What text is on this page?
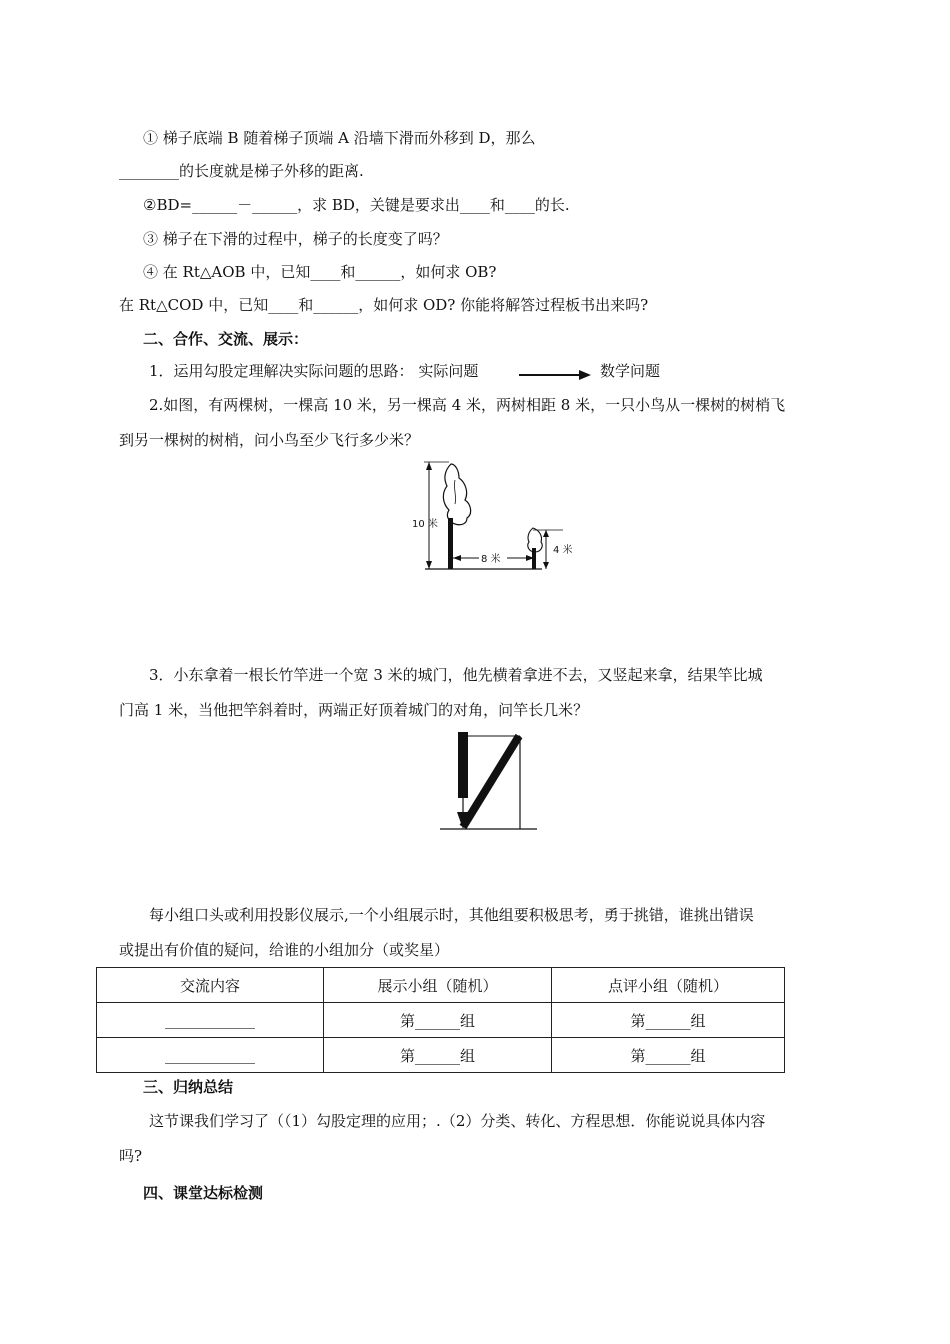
① 梯子底端 B 随着梯子顶端 A 沿墙下滑而外移到 D，那么
________的长度就是梯子外移的距离.
②BD=______－______，求 BD，关键是要求出____和____的长.
③ 梯子在下滑的过程中，梯子的长度变了吗？
④ 在 Rt△AOB 中，已知____和______，如何求 OB?
在 Rt△COD 中，已知____和______，如何求 OD? 你能将解答过程板书出来吗?
二、合作、交流、展示：
1．运用勾股定理解决实际问题的思路： 实际问题	数学问题
2.如图，有两棵树，一棵高 10 米，另一棵高 4 米，两树相距 8 米，一只小鸟从一棵树的树梢飞
到另一棵树的树梢，问小鸟至少飞行多少米？
10 米
8 米
4 米
3．小东拿着一根长竹竿进一个宽 3 米的城门，他先横着拿进不去，又竖起来拿，结果竿比城
门高 1 米，当他把竿斜着时，两端正好顶着城门的对角，问竿长几米？
每小组口头或利用投影仪展示,一个小组展示时，其他组要积极思考，勇于挑错，谁挑出错误
或提出有价值的疑问，给谁的小组加分（或奖星）
交流内容	展示小组（随机）	点评小组（随机）
____________	第______组	第______组
____________	第______组	第______组
三、归纳总结
这节课我们学习了（（1）勾股定理的应用；.（2）分类、转化、方程思想．你能说说具体内容
吗?
四、课堂达标检测
